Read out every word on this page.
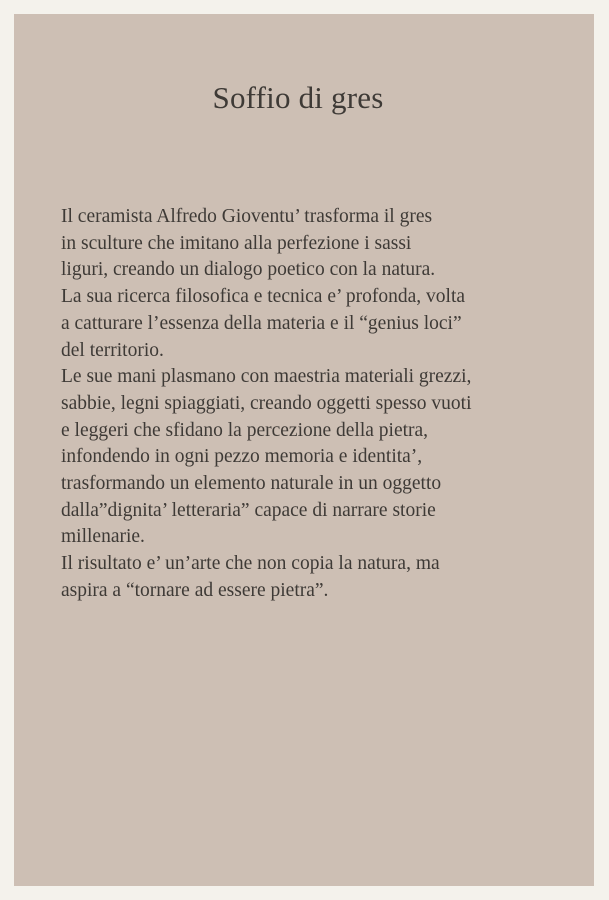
Soffio di gres
Il ceramista Alfredo Gioventu’ trasforma il gres
in sculture che imitano alla perfezione i sassi
liguri, creando un dialogo poetico con la natura.
La sua ricerca filosofica e tecnica e’ profonda, volta
a catturare l’essenza della materia e il “genius loci”
del territorio.
Le sue mani plasmano con maestria materiali grezzi,
sabbie, legni spiaggiati, creando oggetti spesso vuoti
e leggeri che sfidano la percezione della pietra,
infondendo in ogni pezzo memoria e identita’,
trasformando un elemento naturale in un oggetto
dalla”dignita’ letteraria” capace di narrare storie
millenarie.
Il risultato e’ un’arte che non copia la natura, ma
aspira a “tornare ad essere pietra”.
